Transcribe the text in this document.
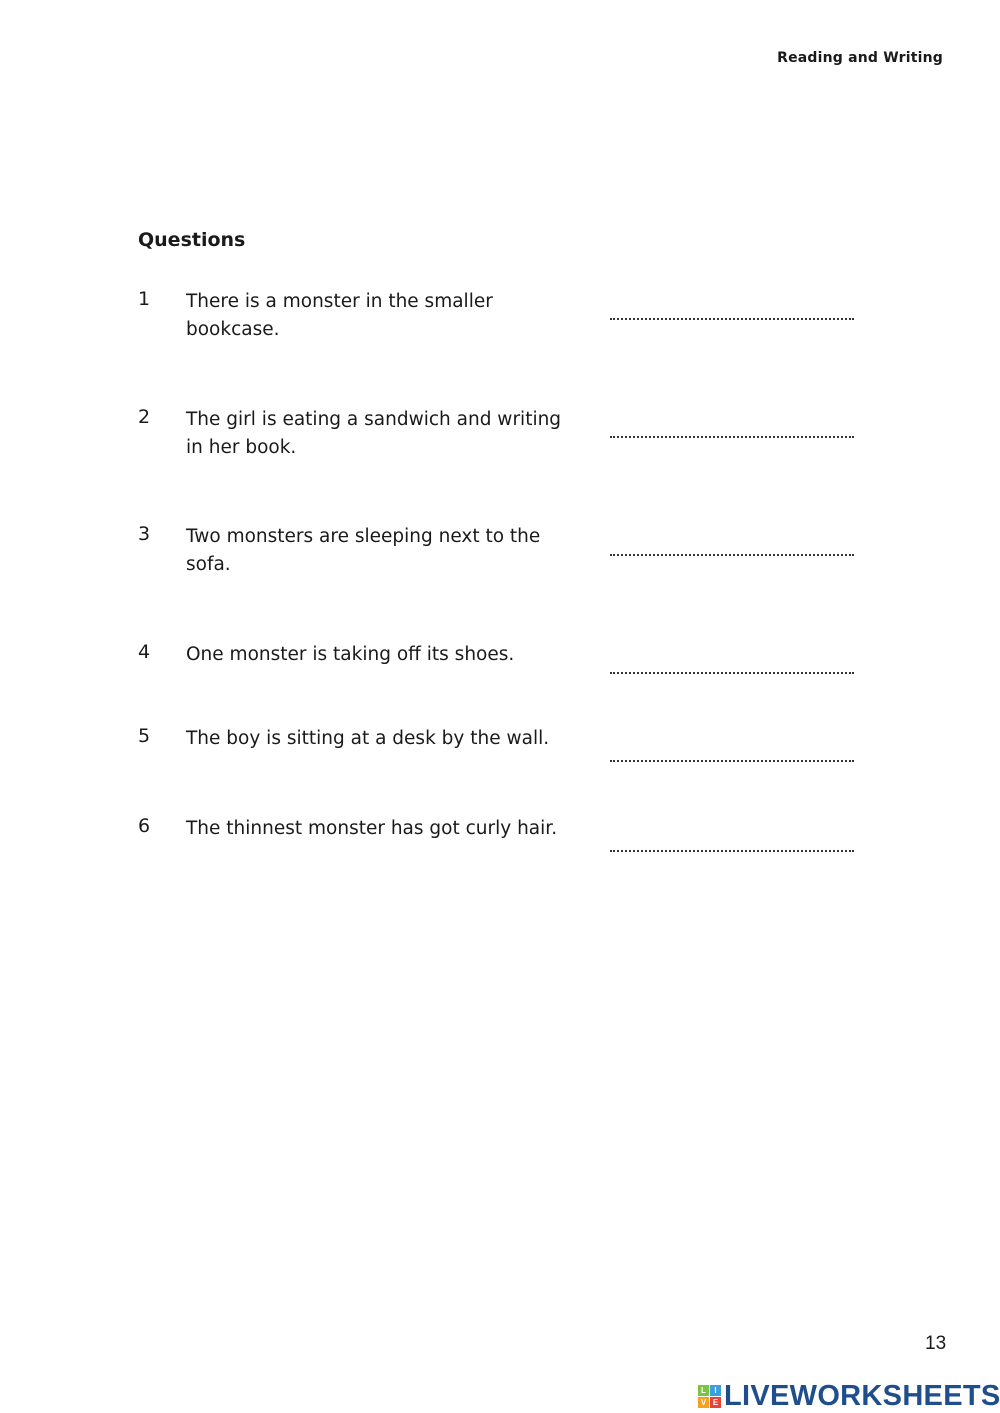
Reading and Writing
Questions
1 There is a monster in the smaller bookcase.
2 The girl is eating a sandwich and writing in her book.
3 Two monsters are sleeping next to the sofa.
4 One monster is taking off its shoes.
5 The boy is sitting at a desk by the wall.
6 The thinnest monster has got curly hair.
13
L	I
V E LIVEWORKSHEETS
